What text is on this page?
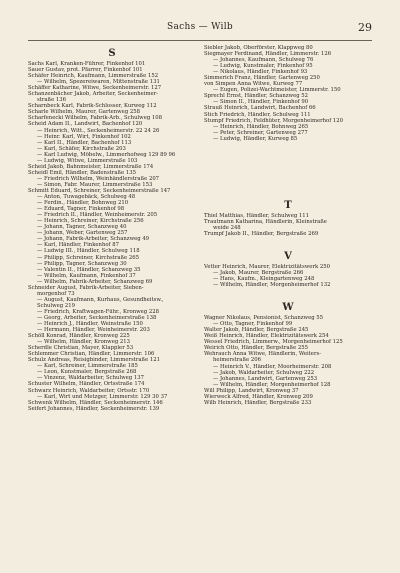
Sachs — Wilb	29
S
Sachs Karl, Kranken-Führer, Finkenhof 101
Sauer Gustav, prot. Pfarrer, Finkenhof 101
Schäfer Heinrich, Kaufmann, Limmerstraße 152
— Wilhelm, Spezereiwaren, Mittenstraße 131
Schäffer Katharine, Witwe, Seckenheimerstr. 127
Schanzenbächer Jakob, Arbeiter, Seckenheimer-
straße 136
Scharnbeck Karl, Fabrik-Schlosser, Kurweg 112
Scharle Wilhelm, Maurer, Gartenweg 258
Scharfenecki Wilhelm, Fabrik-Arb., Schulweg 108
Scheid Adam II., Landwirt, Bachenhof 120
— Heinrich, Witt., Seckenheimerstr. 22 24 26
— Heinr. Karl, Wirt, Finkenhof 102
— Karl II., Händler, Bachenhof 113
— Karl, Schäfer, Kirchstraße 203
— Karl Ludwig, Möbelw., Limmerhofweg 129 89 96
— Ludwig, Witwe, Limmerstraße 103
Scheid Jakob, Bahnmeister, Limmerstraße 174
Scheidl Emil, Händler, Badenstraße 135
— Friedrich Wilhelm, Weinhändlerstraße 207
— Simon, Fabr. Maurer, Limmerstraße 153
Schmitt Eduard, Schreiner, Seckenheimerstraße 147
— Anton, Tuwagebäck, Schulweg 48
— Ferdin., Händler, Bohnweg 210
— Eduard, Tagner, Finkenhof 98
— Friedrich II., Händler, Weinheimerstr. 205
— Heinrich, Schreiner, Kirchstraße 256
— Johann, Tagner, Schanzweg 40
— Johann, Weber, Gartenweg 257
— Johann, Fabrik-Arbeiter, Schanzweg 49
— Karl, Händler, Finkenhof 87
— Ludwig III., Händler, Schulweg 118
— Philipp, Schreiner, Kirchstraße 265
— Philipp, Tagner, Schanzweg 30
— Valentin II., Händler, Schanzweg 35
— Wilhelm, Kaufmann, Finkenhof 37
— Wilhelm, Fabrik-Arbeiter, Schanzweg 69
Schneider August, Fabrik-Arbeiter, Sieben-
morgenhof 73
— August, Kaufmann, Kurhaus, Gesundheitsw.,
Schulweg 219
— Friedrich, Kraftwagen-Führ., Kronweg 228
— Georg, Arbeiter, Seckenheimerstraße 138
— Heinrich J., Händler, Weinstraße 150
— Hermann, Händler, Weinheimerstr. 203
Schöll Konrad, Händler, Kronweg 225
— Wilhelm, Händler, Kronweg 213
Scherdle Christian, Mayer, Klappler 53
Schlemmer Christian, Händler, Limmerstr. 106
Schulz Andreas, Reisigbinder, Limmerstraße 121
— Karl, Schreiner, Limmerstraße 185
— Leon, Kunstmaler, Bergstraße 268
— Vinzenz, Waldarbeiter, Schulweg 137
Schuster Wilhelm, Händler, Ortsstraße 174
Schwarz Heinrich, Waldarbeiter, Ortsstr. 170
— Karl, Wirt und Metzger, Limmerstr. 129 30 37
Schwenk Wilhelm, Händler, Seckenheimerstr. 146
Seifert Johannes, Händler, Seckenheimerstr. 139
Siebler Jakob, Oberförster, Klappweg 80
Siegmayer Ferdinand, Händler, Limmerstr. 126
— Johannes, Kaufmann, Schulweg 76
— Ludwig, Kunstmaler, Finkenhof 95
— Nikolaus, Händler, Finkenhof 93
Simmerich Franz, Händler, Gartenweg 250
von Simpen Anna Witwe, Kurweg 77
— Eugen, Polizei-Wachtmeister, Limmerstr. 150
Sprechl Ernst, Händler, Schanzweg 52
— Simon II., Händler, Finkenhof 90
Strauß Heinrich, Landwirt, Bachenhof 66
Stich Friedrich, Händler, Schulweg 111
Stumpf Friedrich, Feldhüter, Morgenheimerhof 120
— Heinrich, Händler, Bohnweg 265
— Peter, Schreiner, Gartenweg 277
— Ludwig, Händler, Kurweg 85
T
Thiel Matthias, Händler, Schulweg 111
Trautmann Katharina, Händlerin, Kleinstraße
weide 248
Trumpf Jakob II., Händler, Bergstraße 269
V
Vetter Heinrich, Maurer, Elektrizitätswerk 250
— Jakob, Maurer, Bergstraße 266
— Hans, Kaufm., Kleingartenweg 248
— Wilhelm, Händler, Morgenheimerhof 132
W
Wagner Nikolaus, Pensionist, Schanzweg 55
— Otto, Tagner, Finkenhof 99
Walter Jakob, Händler, Bergstraße 245
Weiß Heinrich, Händler, Elektrizitätswerk 254
Wessel Friedrich, Limmerw., Morgenheimerhof 125
Weirich Otto, Händler, Bergstraße 255
Wehrauch Anna Witwe, Händlerin, Weiters-
heimerstraße 206
— Heinrich V., Händler, Moorheimerstr. 208
— Jakob, Waldarbeiter, Schulweg 222
— Johannes, Landwirt, Gartenweg 253
— Wilhelm, Händler, Morgenheimerhof 128
Will Philipp, Landwirt, Kronweg 37
Wierweck Alfred, Händler, Kronweg 209
Wilb Heinrich, Händler, Bergstraße 233
